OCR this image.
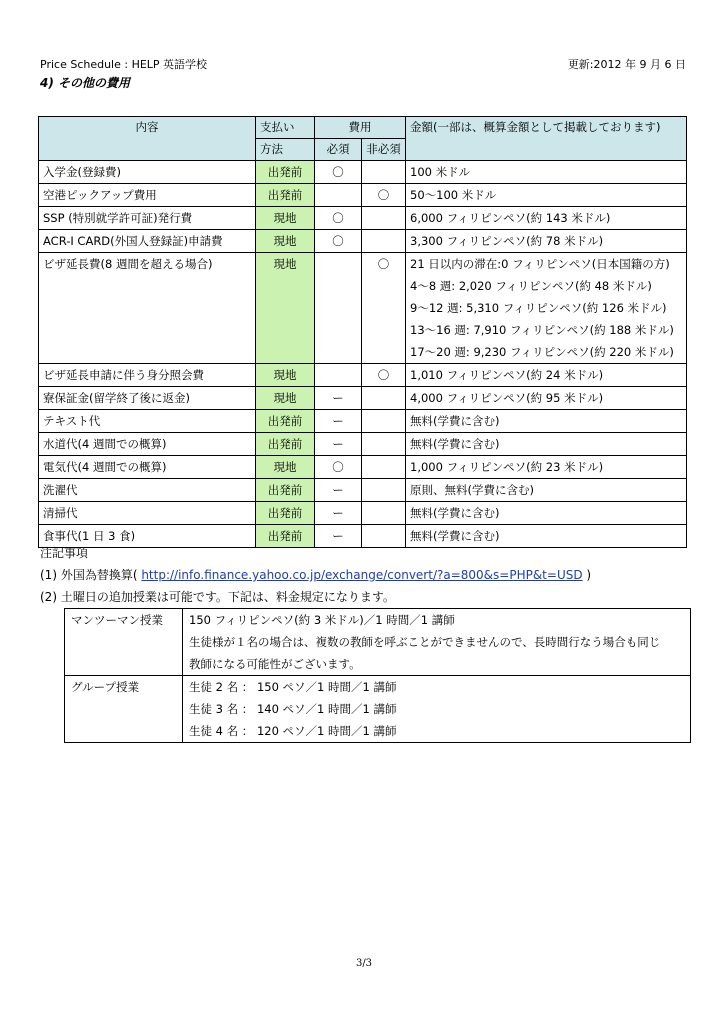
Price Schedule : HELP 英語学校	更新:2012 年 9 月 6 日
4) その他の費用
内容	支払い	費用		金額(一部は、概算金額として掲載しております)
	方法	必須	非必須	
入学金(登録費)	出発前	〇		100 米ドル
空港ピックアップ費用	出発前		〇	50～100 米ドル
SSP (特別就学許可証)発行費	現地	〇		6,000 フィリピンペソ(約 143 米ドル)
ACR-I CARD(外国人登録証)申請費	現地	〇		3,300 フィリピンペソ(約 78 米ドル)
ビザ延長費(8 週間を超える場合)	現地		〇	21 日以内の滞在:0 フィリピンペソ(日本国籍の方)
				4～8 週: 2,020 フィリピンペソ(約 48 米ドル)
				9～12 週: 5,310 フィリピンペソ(約 126 米ドル)
				13～16 週: 7,910 フィリピンペソ(約 188 米ドル)
				17～20 週: 9,230 フィリピンペソ(約 220 米ドル)
ビザ延長申請に伴う身分照会費	現地		〇	1,010 フィリピンペソ(約 24 米ドル)
寮保証金(留学終了後に返金)	現地	ー		4,000 フィリピンペソ(約 95 米ドル)
テキスト代	出発前	ー		無料(学費に含む)
水道代(4 週間での概算)	出発前	ー		無料(学費に含む)
電気代(4 週間での概算)	現地	〇		1,000 フィリピンペソ(約 23 米ドル)
洗濯代	出発前	ー		原則、無料(学費に含む)
清掃代	出発前	ー		無料(学費に含む)
食事代(1 日 3 食)	出発前	ー		無料(学費に含む)
注記事項
(1) 外国為替換算( http://info.finance.yahoo.co.jp/exchange/convert/?a=800&s=PHP&t=USD )
(2) 土曜日の追加授業は可能です。下記は、料金規定になります。
マンツーマン授業	150 フィリピンペソ(約 3 米ドル)／1 時間／1 講師
生徒様が１名の場合は、複数の教師を呼ぶことができませんので、長時間行なう場合も同じ
教師になる可能性がございます。

グループ授業	生徒 2 名 ： 150 ペソ／1 時間／1 講師
生徒 3 名 ： 140 ペソ／1 時間／1 講師
生徒 4 名 ： 120 ペソ／1 時間／1 講師
3/3
